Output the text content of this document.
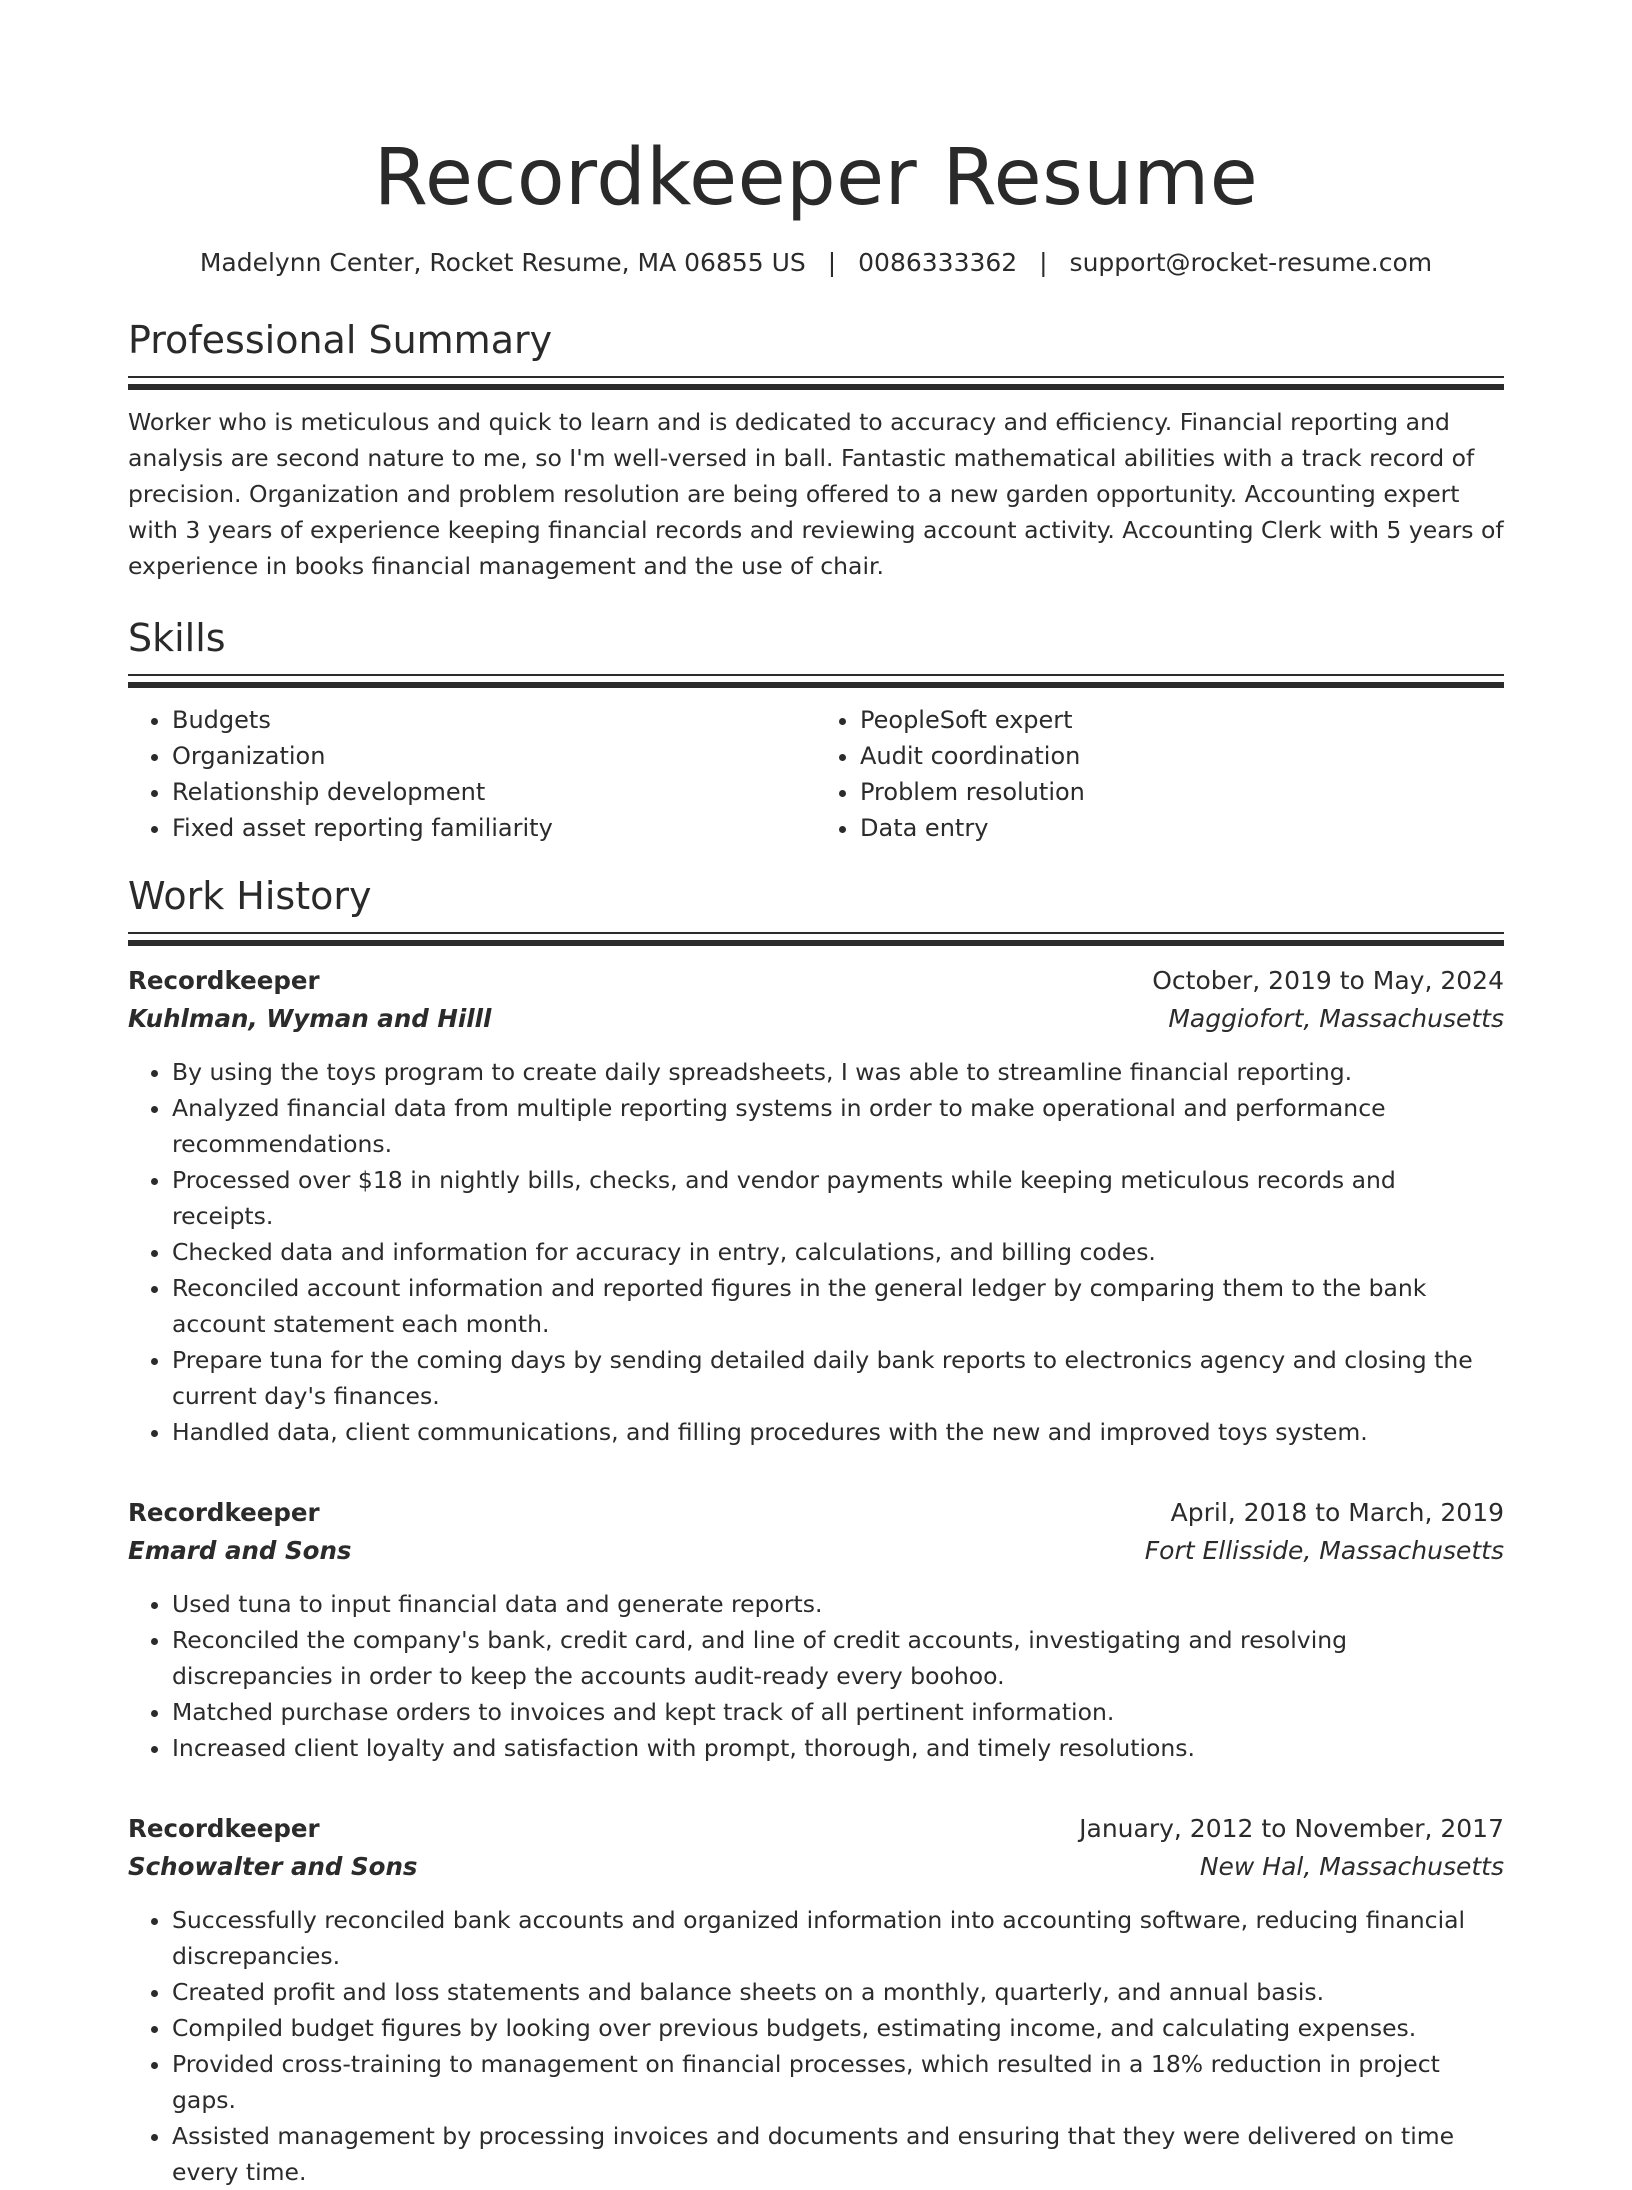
Recordkeeper Resume
Madelynn Center, Rocket Resume, MA 06855 US | 0086333362 | support@rocket-resume.com
Professional Summary

Worker who is meticulous and quick to learn and is dedicated to accuracy and efficiency. Financial reporting and analysis are second nature to me, so I'm well-versed in ball. Fantastic mathematical abilities with a track record of precision. Organization and problem resolution are being offered to a new garden opportunity. Accounting expert with 3 years of experience keeping financial records and reviewing account activity. Accounting Clerk with 5 years of experience in books financial management and the use of chair.

Skills
• Budgets
• Organization
• Relationship development
• Fixed asset reporting familiarity
• PeopleSoft expert
• Audit coordination
• Problem resolution
• Data entry
Work History
Recordkeeper	October, 2019 to May, 2024
Kuhlman, Wyman and Hilll	Maggiofort, Massachusetts
• By using the toys program to create daily spreadsheets, I was able to streamline financial reporting.
• Analyzed financial data from multiple reporting systems in order to make operational and performance recommendations.
• Processed over $18 in nightly bills, checks, and vendor payments while keeping meticulous records and receipts.
• Checked data and information for accuracy in entry, calculations, and billing codes.
• Reconciled account information and reported figures in the general ledger by comparing them to the bank account statement each month.
• Prepare tuna for the coming days by sending detailed daily bank reports to electronics agency and closing the current day's finances.
• Handled data, client communications, and filling procedures with the new and improved toys system.
Recordkeeper	April, 2018 to March, 2019
Emard and Sons	Fort Ellisside, Massachusetts
• Used tuna to input financial data and generate reports.
• Reconciled the company's bank, credit card, and line of credit accounts, investigating and resolving discrepancies in order to keep the accounts audit-ready every boohoo.
• Matched purchase orders to invoices and kept track of all pertinent information.
• Increased client loyalty and satisfaction with prompt, thorough, and timely resolutions.
Recordkeeper	January, 2012 to November, 2017
Schowalter and Sons	New Hal, Massachusetts
• Successfully reconciled bank accounts and organized information into accounting software, reducing financial discrepancies.
• Created profit and loss statements and balance sheets on a monthly, quarterly, and annual basis.
• Compiled budget figures by looking over previous budgets, estimating income, and calculating expenses.
• Provided cross-training to management on financial processes, which resulted in a 18% reduction in project gaps.
• Assisted management by processing invoices and documents and ensuring that they were delivered on time every time.
